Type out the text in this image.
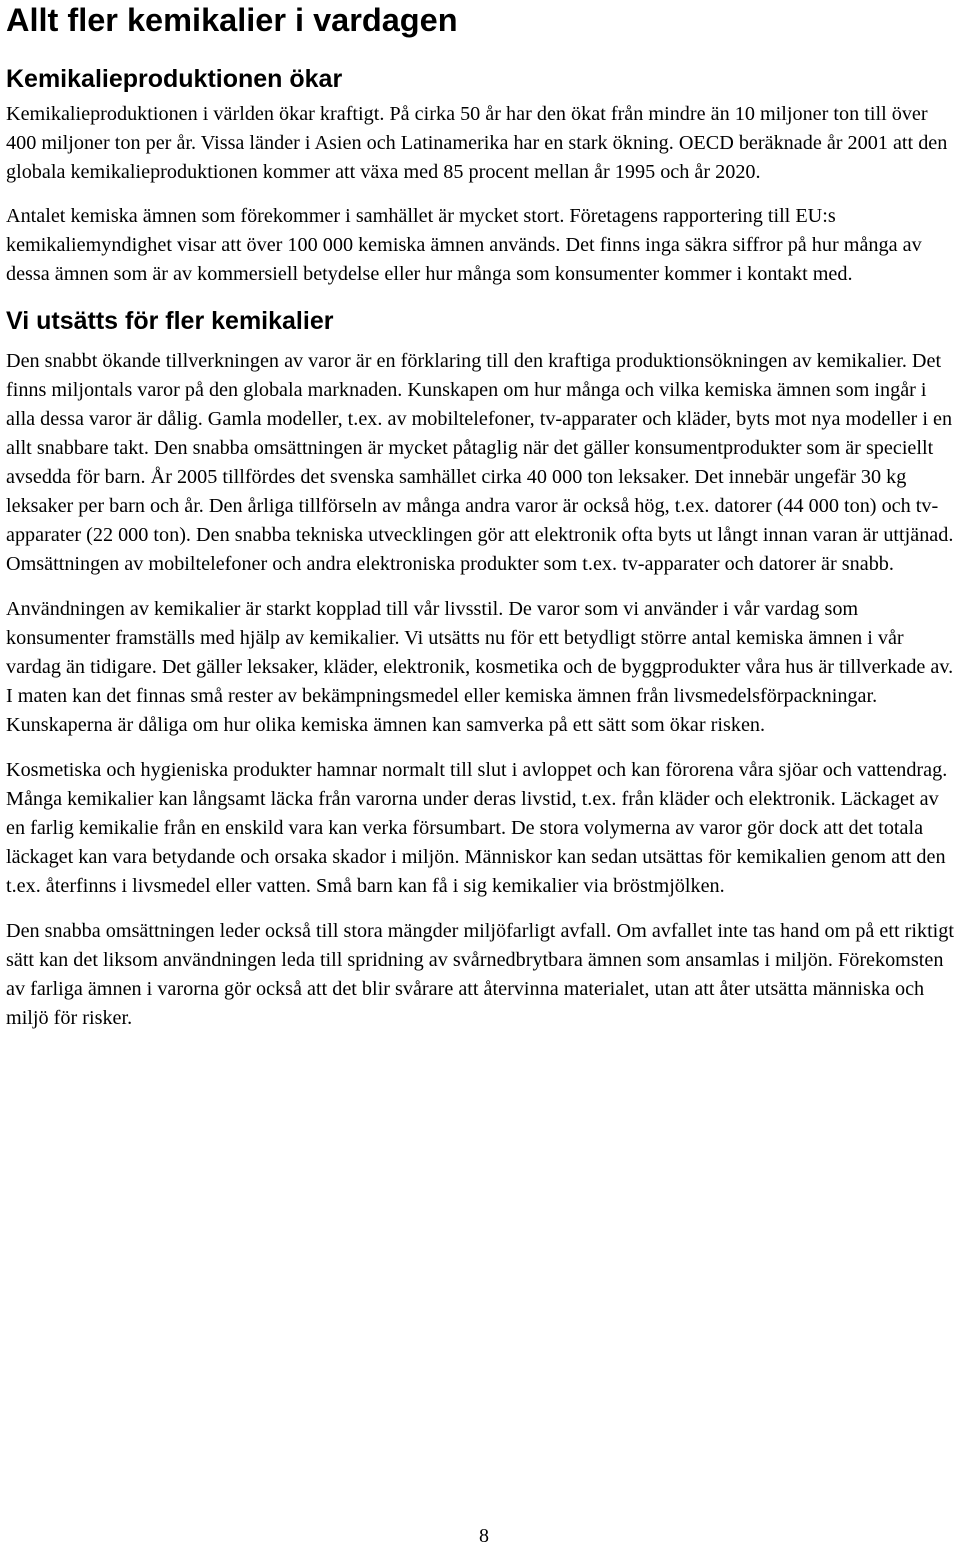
Allt fler kemikalier i vardagen
Kemikalieproduktionen ökar

Kemikalieproduktionen i världen ökar kraftigt. På cirka 50 år har den ökat från mindre än 10 miljoner ton till över 400 miljoner ton per år. Vissa länder i Asien och Latinamerika har en stark ökning. OECD beräknade år 2001 att den globala kemikalieproduktionen kommer att växa med 85 procent mellan år 1995 och år 2020.

Antalet kemiska ämnen som förekommer i samhället är mycket stort. Företagens rapportering till EU:s kemikaliemyndighet visar att över 100 000 kemiska ämnen används. Det finns inga säkra siffror på hur många av dessa ämnen som är av kommersiell betydelse eller hur många som konsumenter kommer i kontakt med.

Vi utsätts för fler kemikalier

Den snabbt ökande tillverkningen av varor är en förklaring till den kraftiga produktionsökningen av kemikalier. Det finns miljontals varor på den globala marknaden. Kunskapen om hur många och vilka kemiska ämnen som ingår i alla dessa varor är dålig. Gamla modeller, t.ex. av mobiltelefoner, tv-apparater och kläder, byts mot nya modeller i en allt snabbare takt. Den snabba omsättningen är mycket påtaglig när det gäller konsumentprodukter som är speciellt avsedda för barn. År 2005 tillfördes det svenska samhället cirka 40 000 ton leksaker. Det innebär ungefär 30 kg leksaker per barn och år. Den årliga tillförseln av många andra varor är också hög, t.ex. datorer (44 000 ton) och tv-apparater (22 000 ton). Den snabba tekniska utvecklingen gör att elektronik ofta byts ut långt innan varan är uttjänad. Omsättningen av mobiltelefoner och andra elektroniska produkter som t.ex. tv-apparater och datorer är snabb.

Användningen av kemikalier är starkt kopplad till vår livsstil. De varor som vi använder i vår vardag som konsumenter framställs med hjälp av kemikalier. Vi utsätts nu för ett betydligt större antal kemiska ämnen i vår vardag än tidigare. Det gäller leksaker, kläder, elektronik, kosmetika och de byggprodukter våra hus är tillverkade av. I maten kan det finnas små rester av bekämpningsmedel eller kemiska ämnen från livsmedelsförpackningar. Kunskaperna är dåliga om hur olika kemiska ämnen kan samverka på ett sätt som ökar risken.

Kosmetiska och hygieniska produkter hamnar normalt till slut i avloppet och kan förorena våra sjöar och vattendrag. Många kemikalier kan långsamt läcka från varorna under deras livstid, t.ex. från kläder och elektronik. Läckaget av en farlig kemikalie från en enskild vara kan verka försumbart. De stora volymerna av varor gör dock att det totala läckaget kan vara betydande och orsaka skador i miljön. Människor kan sedan utsättas för kemikalien genom att den t.ex. återfinns i livsmedel eller vatten. Små barn kan få i sig kemikalier via bröstmjölken.

Den snabba omsättningen leder också till stora mängder miljöfarligt avfall. Om avfallet inte tas hand om på ett riktigt sätt kan det liksom användningen leda till spridning av svårnedbrytbara ämnen som ansamlas i miljön. Förekomsten av farliga ämnen i varorna gör också att det blir svårare att återvinna materialet, utan att åter utsätta människa och miljö för risker.

8
